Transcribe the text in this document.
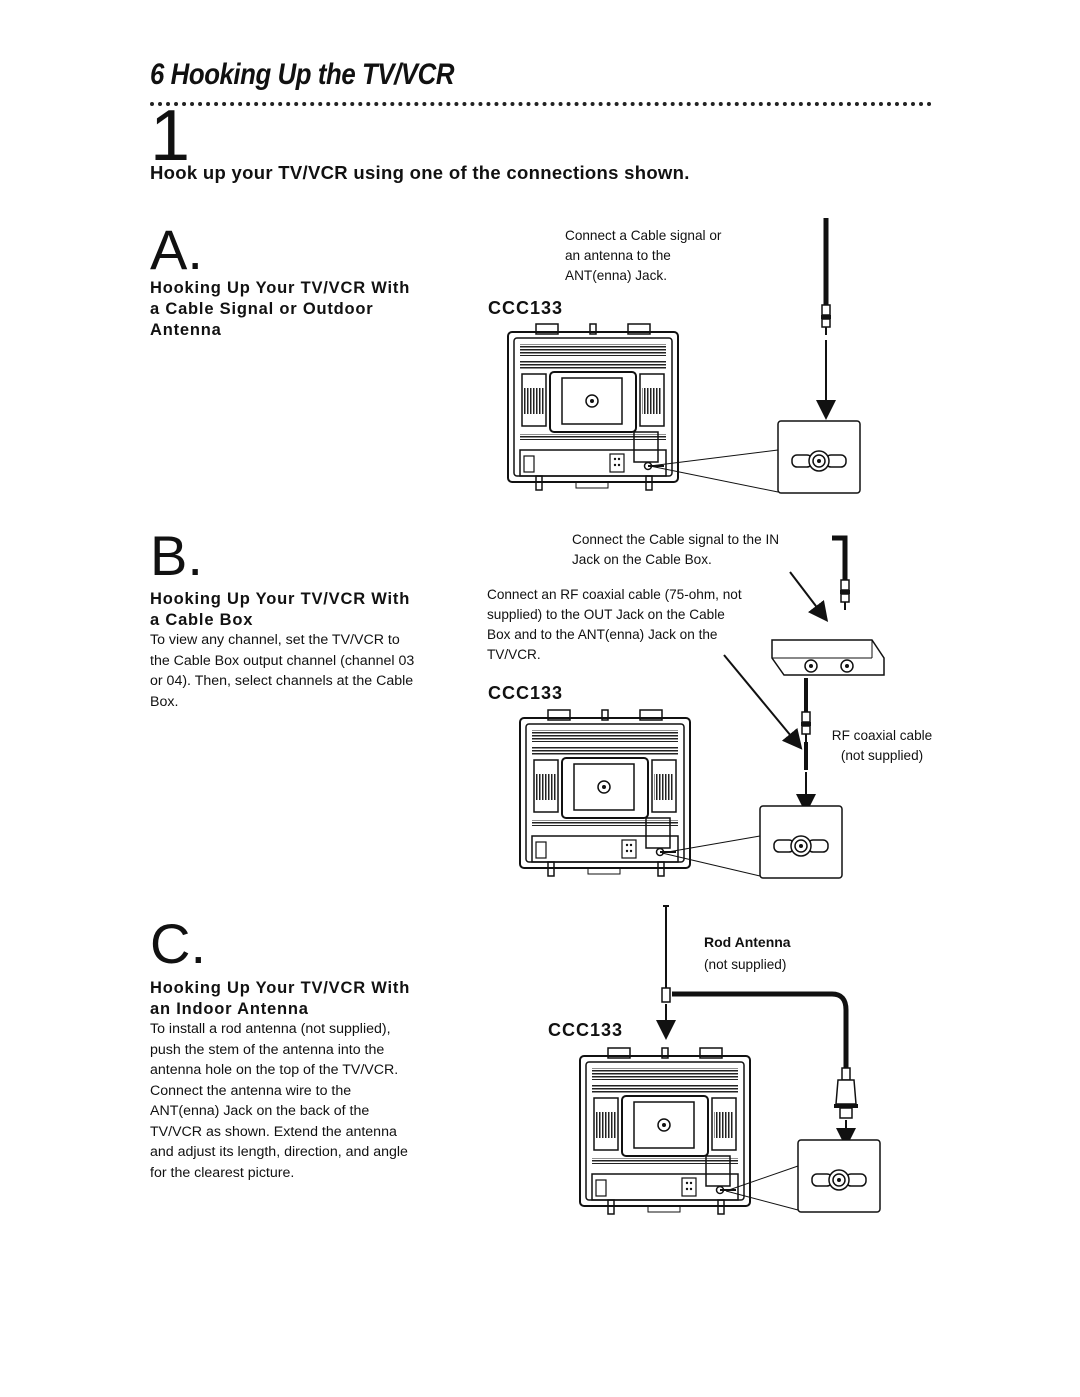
6 Hooking Up the TV/VCR
1
Hook up your TV/VCR using one of the connections shown.
A.
Hooking Up Your TV/VCR With a Cable Signal or Outdoor Antenna
Connect a Cable signal or an antenna to the ANT(enna) Jack.
CCC133
B.
Hooking Up Your TV/VCR With a Cable Box
To view any channel, set the TV/VCR to the Cable Box output channel (channel 03 or 04). Then, select channels at the Cable Box.
Connect the Cable signal to the IN Jack on the Cable Box.
Connect an RF coaxial cable (75-ohm, not supplied) to the OUT Jack on the Cable Box and to the ANT(enna) Jack on the TV/VCR.
CCC133
RF coaxial cable (not supplied)
C.
Hooking Up Your TV/VCR With an Indoor Antenna
To install a rod antenna (not supplied), push the stem of the antenna into the antenna hole on the top of the TV/VCR. Connect the antenna wire to the ANT(enna) Jack on the back of the TV/VCR as shown. Extend the antenna and adjust its length, direction, and angle for the clearest picture.
Rod Antenna
(not supplied)
CCC133
